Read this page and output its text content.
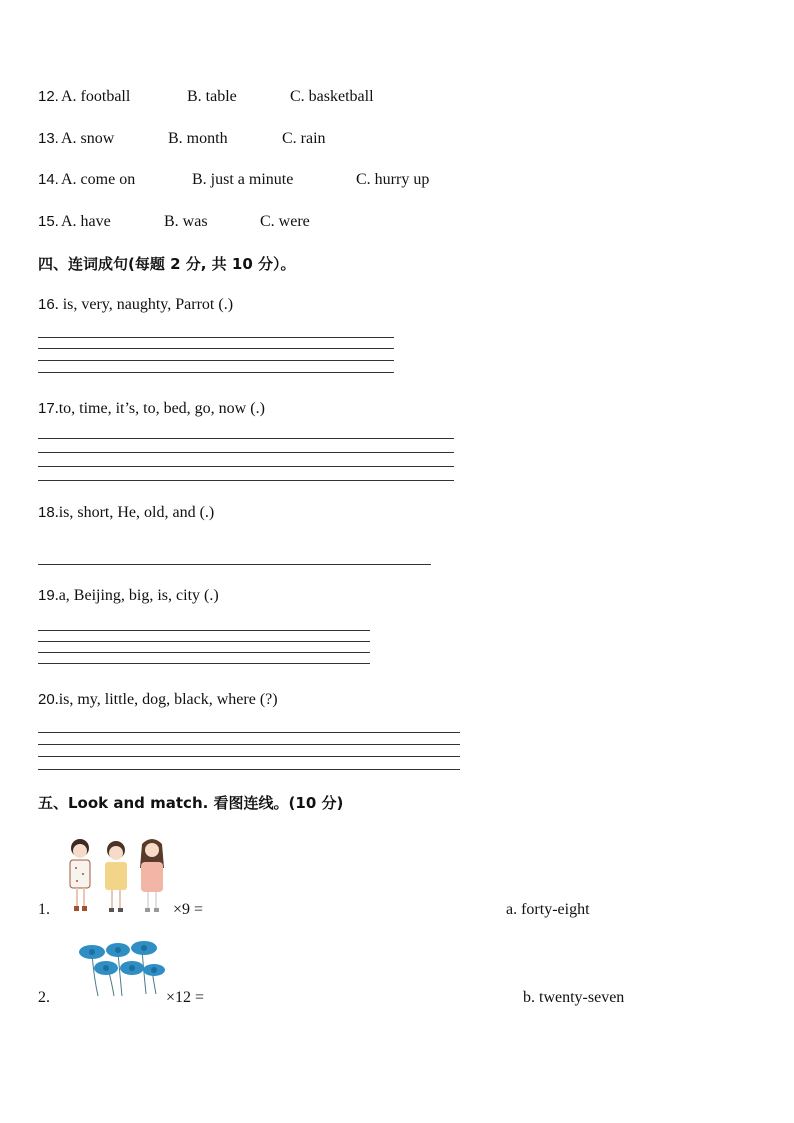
12. A. football	B. table	C. basketball
13. A. snow	B. month	C. rain
14. A. come on	B. just a minute	C. hurry up
15. A. have	B. was	C. were
四、连词成句(每题 2 分, 共 10 分）。
16. is, very, naughty, Parrot (.)
17.to, time, it’s, to, bed, go, now (.)
18.is, short, He, old, and (.)
19.a, Beijing, big, is, city (.)
20.is, my, little, dog, black, where (?)
五、Look and match. 看图连线。(10 分)
1.	×9 =	a. forty-eight
2.	×12 =	b. twenty-seven
